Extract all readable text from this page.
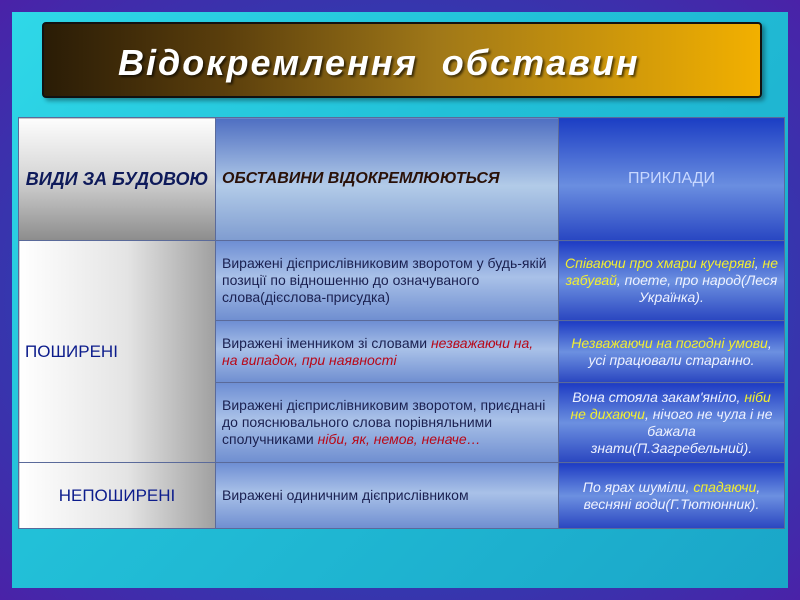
Відокремлення  обставин
ВИДИ ЗА БУДОВОЮ	ОБСТАВИНИ ВІДОКРЕМЛЮЮТЬСЯ	ПРИКЛАДИ
ПОШИРЕНІ	Виражені дієприслівниковим зворотом у будь-якій позиції по відношенню до означуваного слова(дієслова-присудка)	Співаючи про хмари кучеряві, не забувай, поете, про народ(Леся Українка).
	Виражені іменником зі словами незважаючи на, на випадок, при наявності	Незважаючи на погодні умови, усі працювали старанно.
	Виражені дієприслівниковим зворотом, приєднані до пояснювального слова порівняльними сполучниками ніби, як, немов, неначе…	Вона стояла закам'яніло, ніби не дихаючи, нічого не чула і не бажала знати(П.Загребельний).
НЕПОШИРЕНІ	Виражені одиничним дієприслівником	По ярах шуміли, спадаючи, весняні води(Г.Тютюнник).
